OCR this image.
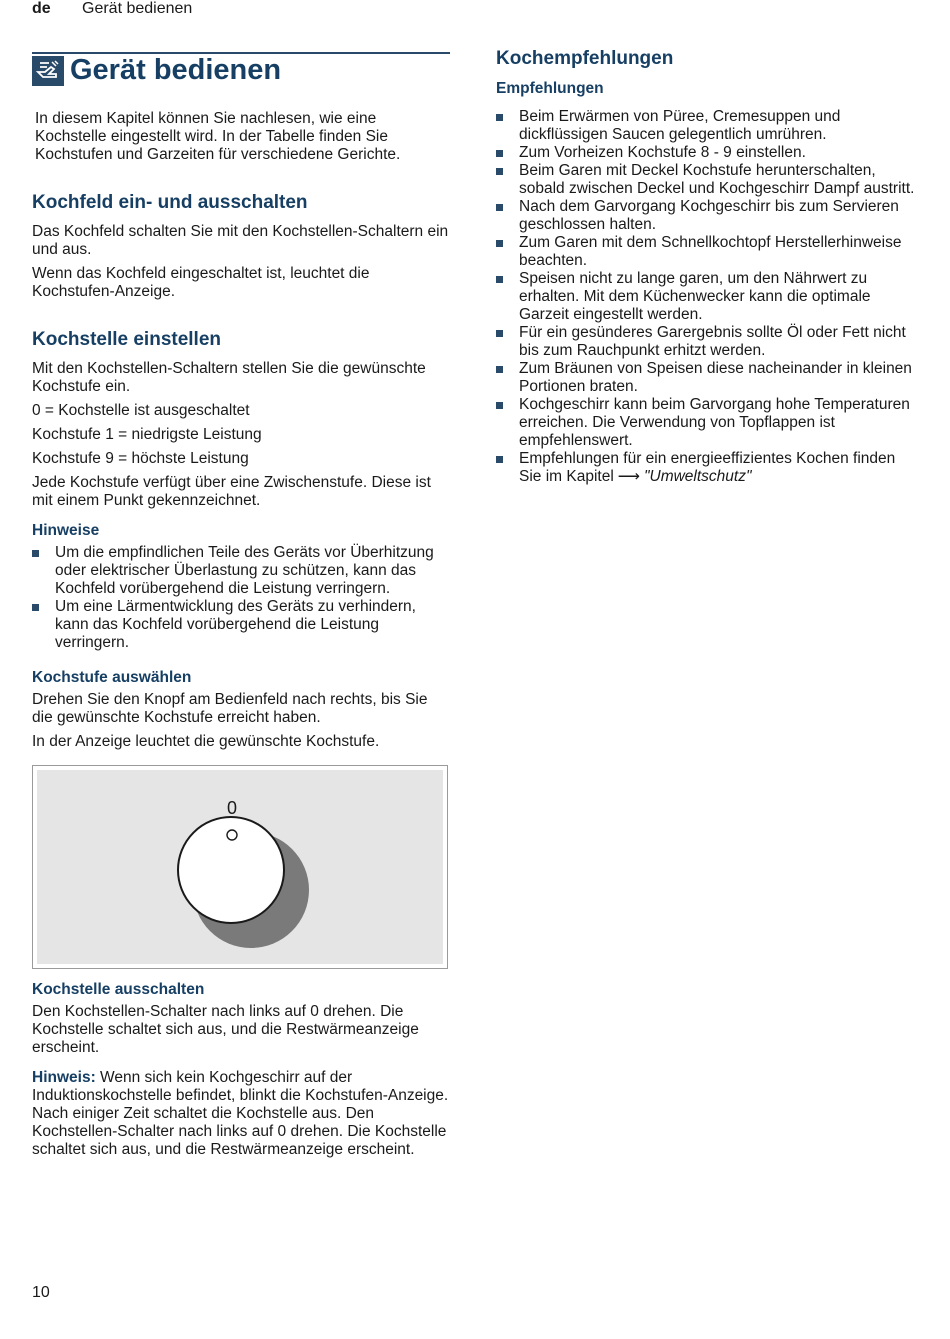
de Gerät bedienen
Gerät bedienen

In diesem Kapitel können Sie nachlesen, wie eine Kochstelle eingestellt wird. In der Tabelle finden Sie Kochstufen und Garzeiten für verschiedene Gerichte.

Kochfeld ein- und ausschalten

Das Kochfeld schalten Sie mit den Kochstellen-Schaltern ein und aus.

Wenn das Kochfeld eingeschaltet ist, leuchtet die Kochstufen-Anzeige.

Kochstelle einstellen

Mit den Kochstellen-Schaltern stellen Sie die gewünschte Kochstufe ein.

0 = Kochstelle ist ausgeschaltet

Kochstufe 1 = niedrigste Leistung

Kochstufe 9 = höchste Leistung

Jede Kochstufe verfügt über eine Zwischenstufe. Diese ist mit einem Punkt gekennzeichnet.

Hinweise
Um die empfindlichen Teile des Geräts vor Überhitzung oder elektrischer Überlastung zu schützen, kann das Kochfeld vorübergehend die Leistung verringern.
Um eine Lärmentwicklung des Geräts zu verhindern, kann das Kochfeld vorübergehend die Leistung verringern.
Kochstufe auswählen

Drehen Sie den Knopf am Bedienfeld nach rechts, bis Sie die gewünschte Kochstufe erreicht haben.

In der Anzeige leuchtet die gewünschte Kochstufe.

0
Kochstelle ausschalten

Den Kochstellen-Schalter nach links auf 0 drehen. Die Kochstelle schaltet sich aus, und die Restwärmeanzeige erscheint.

Hinweis: Wenn sich kein Kochgeschirr auf der Induktionskochstelle befindet, blinkt die Kochstufen-Anzeige. Nach einiger Zeit schaltet die Kochstelle aus. Den Kochstellen-Schalter nach links auf 0 drehen. Die Kochstelle schaltet sich aus, und die Restwärmeanzeige erscheint.

Kochempfehlungen
Empfehlungen
Beim Erwärmen von Püree, Cremesuppen und dickflüssigen Saucen gelegentlich umrühren.
Zum Vorheizen Kochstufe 8 - 9 einstellen.
Beim Garen mit Deckel Kochstufe herunterschalten, sobald zwischen Deckel und Kochgeschirr Dampf austritt.
Nach dem Garvorgang Kochgeschirr bis zum Servieren geschlossen halten.
Zum Garen mit dem Schnellkochtopf Herstellerhinweise beachten.
Speisen nicht zu lange garen, um den Nährwert zu erhalten. Mit dem Küchenwecker kann die optimale Garzeit eingestellt werden.
Für ein gesünderes Garergebnis sollte Öl oder Fett nicht bis zum Rauchpunkt erhitzt werden.
Zum Bräunen von Speisen diese nacheinander in kleinen Portionen braten.
Kochgeschirr kann beim Garvorgang hohe Temperaturen erreichen. Die Verwendung von Topflappen ist empfehlenswert.
Empfehlungen für ein energieeffizientes Kochen finden Sie im Kapitel ⟶ "Umweltschutz"
10
